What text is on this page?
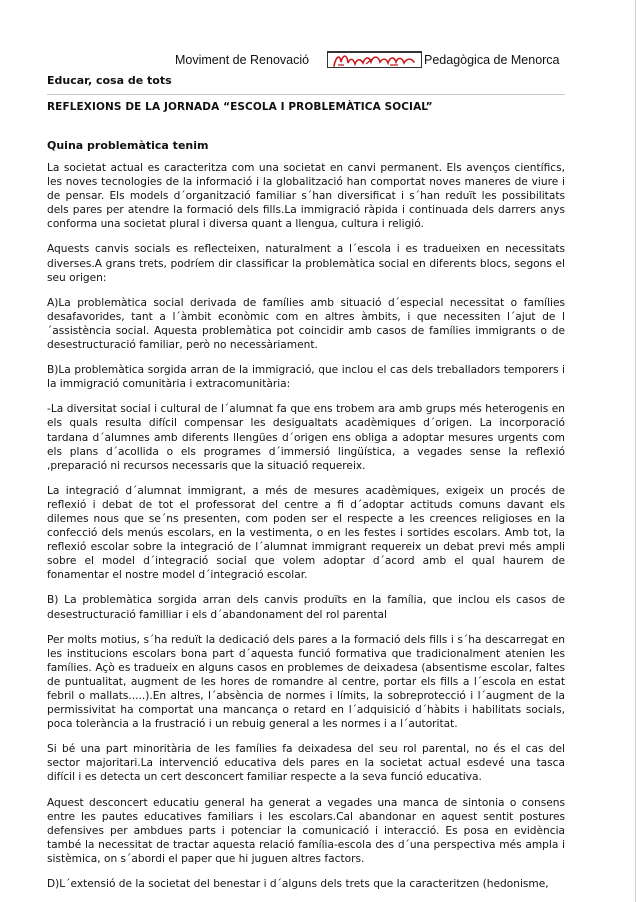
Moviment de Renovació	Pedagògica de Menorca
Educar, cosa de tots
REFLEXIONS DE LA JORNADA “ESCOLA I PROBLEMÀTICA SOCIAL”
Quina problemàtica tenim

La societat actual es caracteritza com una societat en canvi permanent. Els avenços científics, les noves tecnologies de la informació i la globalització han comportat noves maneres de viure i de pensar. Els models d´organització familiar s´han diversificat i s´han reduït les possibilitats dels pares per atendre la formació dels fills.La immigració ràpida i continuada dels darrers anys conforma una societat plural i diversa quant a llengua, cultura i religió.

Aquests canvis socials es reflecteixen, naturalment a l´escola i es tradueixen en necessitats diverses.A grans trets, podríem dir classificar la problemàtica social en diferents blocs, segons el seu origen:

A)La problemàtica social derivada de famílies amb situació d´especial necessitat o famílies desafavorides, tant a l´àmbit econòmic com en altres àmbits, i que necessiten l´ajut de l´assistència social. Aquesta problemàtica pot coincidir amb casos de famílies immigrants o de desestructuració familiar, però no necessàriament.

B)La problemàtica sorgida arran de la immigració, que inclou el cas dels treballadors temporers i la immigració comunitària i extracomunitària:

-La diversitat social i cultural de l´alumnat fa que ens trobem ara amb grups més heterogenis en els quals resulta difícil compensar les desigualtats acadèmiques d´origen. La incorporació tardana d´alumnes amb diferents llengües d´origen ens obliga a adoptar mesures urgents com els plans d´acollida o els programes d´immersió lingüística, a vegades sense la reflexió ,preparació ni recursos necessaris que la situació requereix.

La integració d´alumnat immigrant, a més de mesures acadèmiques, exigeix un procés de reflexió i debat de tot el professorat del centre a fi d´adoptar actituds comuns davant els dilemes nous que se´ns presenten, com poden ser el respecte a les creences religioses en la confecció dels menús escolars, en la vestimenta, o en les festes i sortides escolars. Amb tot, la reflexió escolar sobre la integració de l´alumnat immigrant requereix un debat previ més ampli sobre el model d´integració social que volem adoptar d´acord amb el qual haurem de fonamentar el nostre model d´integració escolar.

B) La problemàtica sorgida arran dels canvis produïts en la família, que inclou els casos de desestructuració familliar i els d´abandonament del rol parental

Per molts motius, s´ha reduït la dedicació dels pares a la formació dels fills i s´ha descarregat en les institucions escolars bona part d´aquesta funció formativa que tradicionalment atenien les famílies. Açò es tradueix en alguns casos en problemes de deixadesa (absentisme escolar, faltes de puntualitat, augment de les hores de romandre al centre, portar els fills a l´escola en estat febril o mallats.....).En altres, l´absència de normes i límits, la sobreprotecció i l´augment de la permissivitat ha comportat una mancança o retard en l´adquisició d´hàbits i habilitats socials, poca tolerància a la frustració i un rebuig general a les normes i a l´autoritat.

Si bé una part minoritària de les famílies fa deixadesa del seu rol parental, no és el cas del sector majoritari.La intervenció educativa dels pares en la societat actual esdevé una tasca difícil i es detecta un cert desconcert familiar respecte a la seva funció educativa.

Aquest desconcert educatiu general ha generat a vegades una manca de sintonia o consens entre les pautes educatives familiars i les escolars.Cal abandonar en aquest sentit postures defensives per ambdues parts i potenciar la comunicació i interacció. Es posa en evidència també la necessitat de tractar aquesta relació família-escola des d´una perspectiva més ampla i sistèmica, on s´abordi el paper que hi juguen altres factors.

D)L´extensió de la societat del benestar i d´alguns dels trets que la caracteritzen (hedonisme,
